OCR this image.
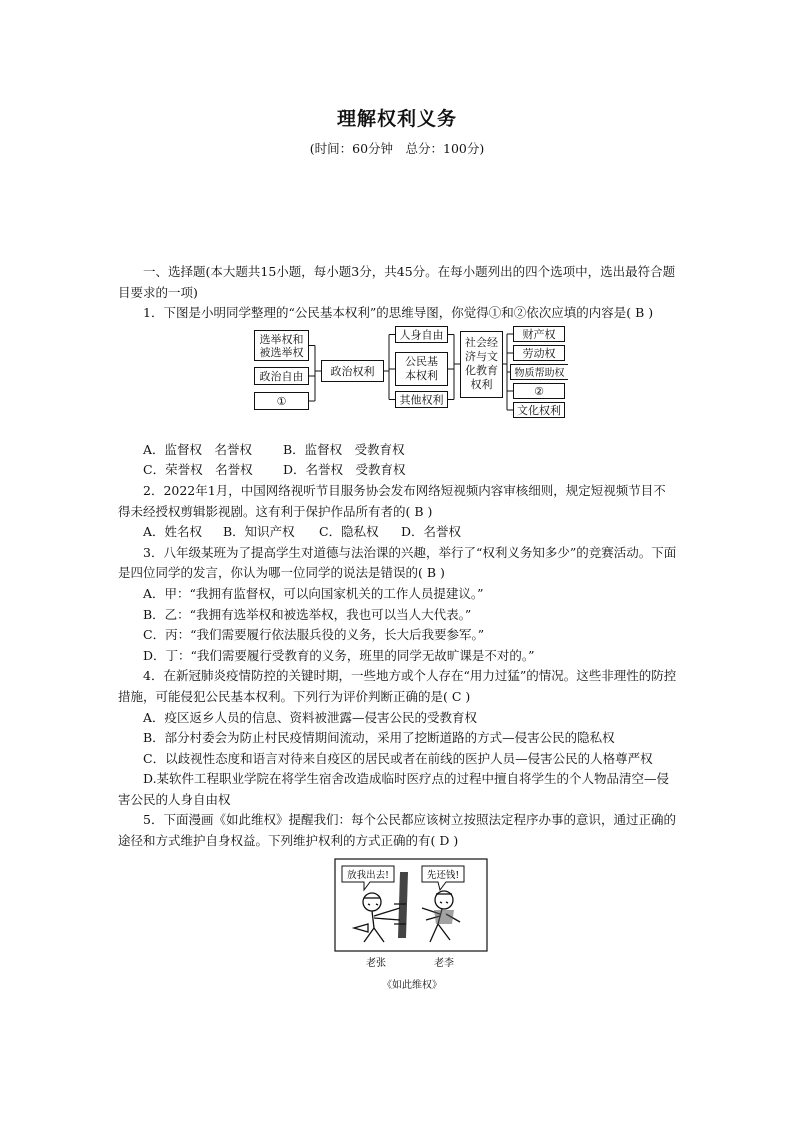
理解权利义务
(时间：60分钟　总分：100分)

一、选择题(本大题共15小题，每小题3分，共45分。在每小题列出的四个选项中，选出最符合题目要求的一项)

1．下图是小明同学整理的“公民基本权利”的思维导图，你觉得①和②依次应填的内容是( B )

选举权和
被选举权
政治自由
①
政治权利
人身自由
公民基
本权利
其他权利
社会经
济与文
化教育
权利
财产权
劳动权
物质帮助权
②
文化权利

A．监督权　名誉权 B．监督权　受教育权

C．荣誉权　名誉权 D．名誉权　受教育权

2．2022年1月，中国网络视听节目服务协会发布网络短视频内容审核细则，规定短视频节目不得未经授权剪辑影视剧。这有利于保护作品所有者的( B )

A．姓名权 B．知识产权 C．隐私权 D．名誉权

3．八年级某班为了提高学生对道德与法治课的兴趣，举行了“权利义务知多少”的竞赛活动。下面是四位同学的发言，你认为哪一位同学的说法是错误的( B )

A．甲：“我拥有监督权，可以向国家机关的工作人员提建议。”

B．乙：“我拥有选举权和被选举权，我也可以当人大代表。”

C．丙：“我们需要履行依法服兵役的义务，长大后我要参军。”

D．丁：“我们需要履行受教育的义务，班里的同学无故旷课是不对的。”

4．在新冠肺炎疫情防控的关键时期，一些地方或个人存在“用力过猛”的情况。这些非理性的防控措施，可能侵犯公民基本权利。下列行为评价判断正确的是( C )

A．疫区返乡人员的信息、资料被泄露—侵害公民的受教育权

B．部分村委会为防止村民疫情期间流动，采用了挖断道路的方式—侵害公民的隐私权

C．以歧视性态度和语言对待来自疫区的居民或者在前线的医护人员—侵害公民的人格尊严权

D.某软件工程职业学院在将学生宿舍改造成临时医疗点的过程中擅自将学生的个人物品清空—侵害公民的人身自由权

5．下面漫画《如此维权》提醒我们：每个公民都应该树立按照法定程序办事的意识，通过正确的途径和方式维护自身权益。下列维护权利的方式正确的有( D )

放我出去!	先还钱!
老张	老李
《如此维权》
